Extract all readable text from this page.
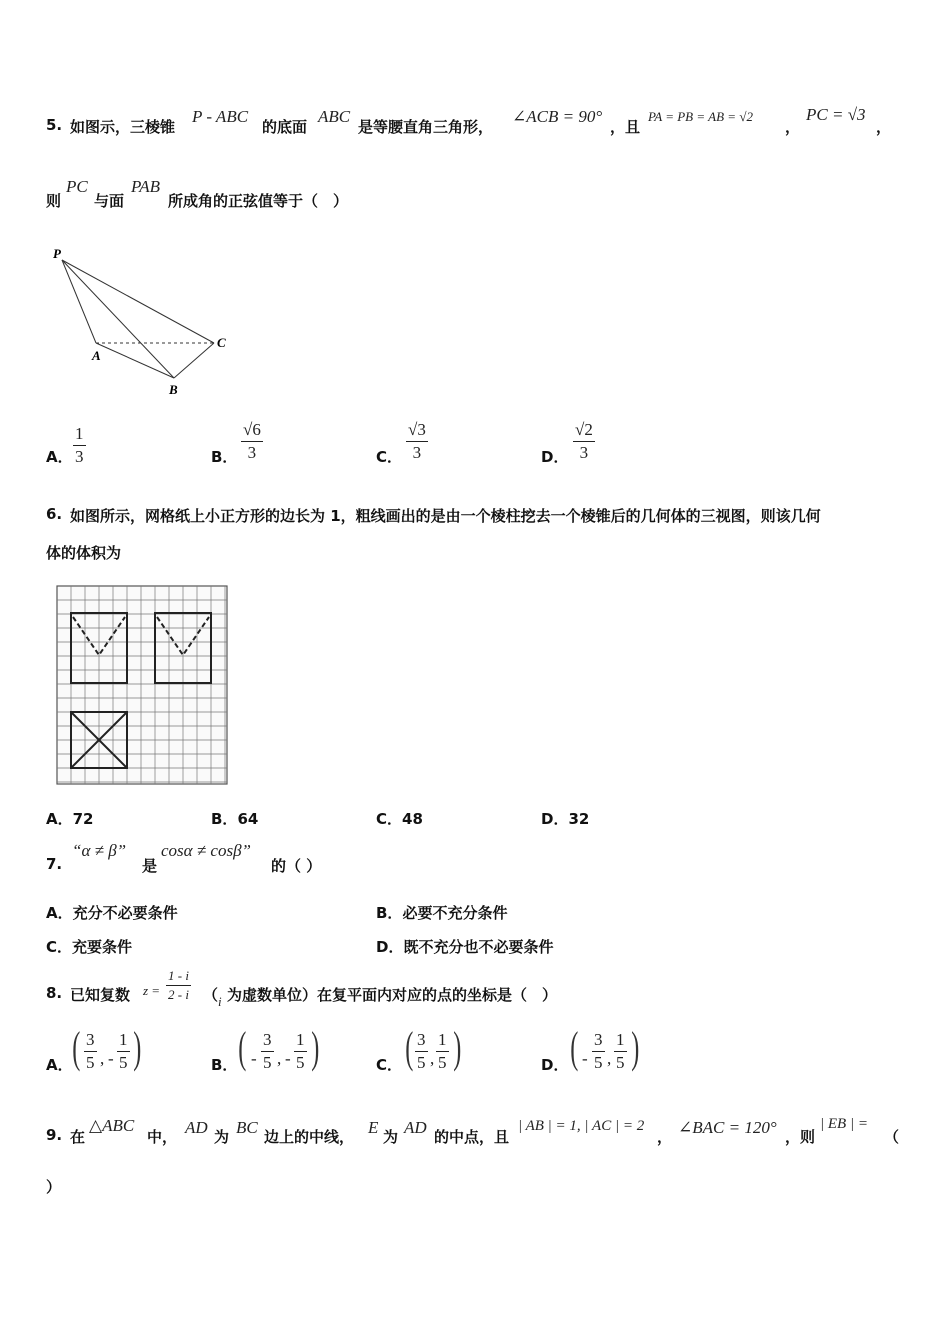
5. 如图示，三棱锥
P - ABC
的底面
ABC
是等腰直角三角形，
∠ACB = 90°
，且
PA = PB = AB = √2
，
PC = √3
，
则
PC
与面
PAB
所成角的正弦值等于（　）
P
A
B
C
A．
1
3	B．
√6
3	C．
√3
3	D．
√2
3
6. 如图所示，网格纸上小正方形的边长为 1，粗线画出的是由一个棱柱挖去一个棱锥后的几何体的三视图，则该几何
体的体积为
A．72	B．64	C．48	D．32
7.
“α ≠ β”
是
cosα ≠ cosβ”
的（ ）
A．充分不必要条件	B．必要不充分条件
C．充要条件	D．既不充分也不必要条件
8. 已知复数 z =
1 - i
2 - i （ i 为虚数单位）在复平面内对应的点的坐标是（　）
A． ( 3
5 , -
1
5 )	B． ( -
3
5 , -
1
5 )	C． ( 3
5 ,
1
5 )	D． ( -
3
5 ,
1
5 )
9. 在
△ABC
中， AD 为 BC 边上的中线， E 为 AD 的中点，且
| AB | = 1, | AC | = 2
， ∠BAC = 120° ，则
| EB | =
（
）
